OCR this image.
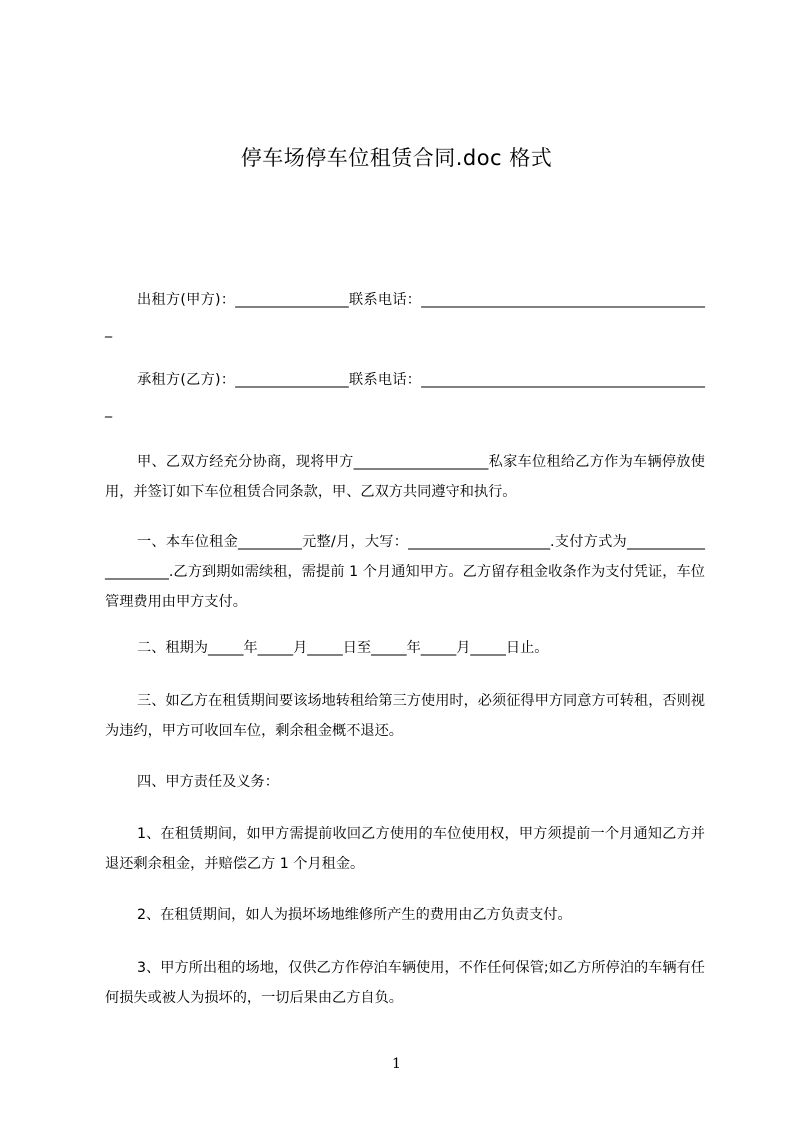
停车场停车位租赁合同.doc 格式

出租方(甲方)：________________联系电话：_________________________________________

承租方(乙方)：________________联系电话：_________________________________________

甲、乙双方经充分协商，现将甲方___________________私家车位租给乙方作为车辆停放使用，并签订如下车位租赁合同条款，甲、乙双方共同遵守和执行。

一、本车位租金_________元整/月，大写：____________________.支付方式为____________________.乙方到期如需续租，需提前 1 个月通知甲方。乙方留存租金收条作为支付凭证，车位管理费用由甲方支付。

二、租期为_____年_____月_____日至_____年_____月_____日止。

三、如乙方在租赁期间要该场地转租给第三方使用时，必须征得甲方同意方可转租，否则视为违约，甲方可收回车位，剩余租金概不退还。

四、甲方责任及义务：

1、在租赁期间，如甲方需提前收回乙方使用的车位使用权，甲方须提前一个月通知乙方并退还剩余租金，并赔偿乙方 1 个月租金。

2、在租赁期间，如人为损坏场地维修所产生的费用由乙方负责支付。

3、甲方所出租的场地，仅供乙方作停泊车辆使用，不作任何保管;如乙方所停泊的车辆有任何损失或被人为损坏的，一切后果由乙方自负。

1
